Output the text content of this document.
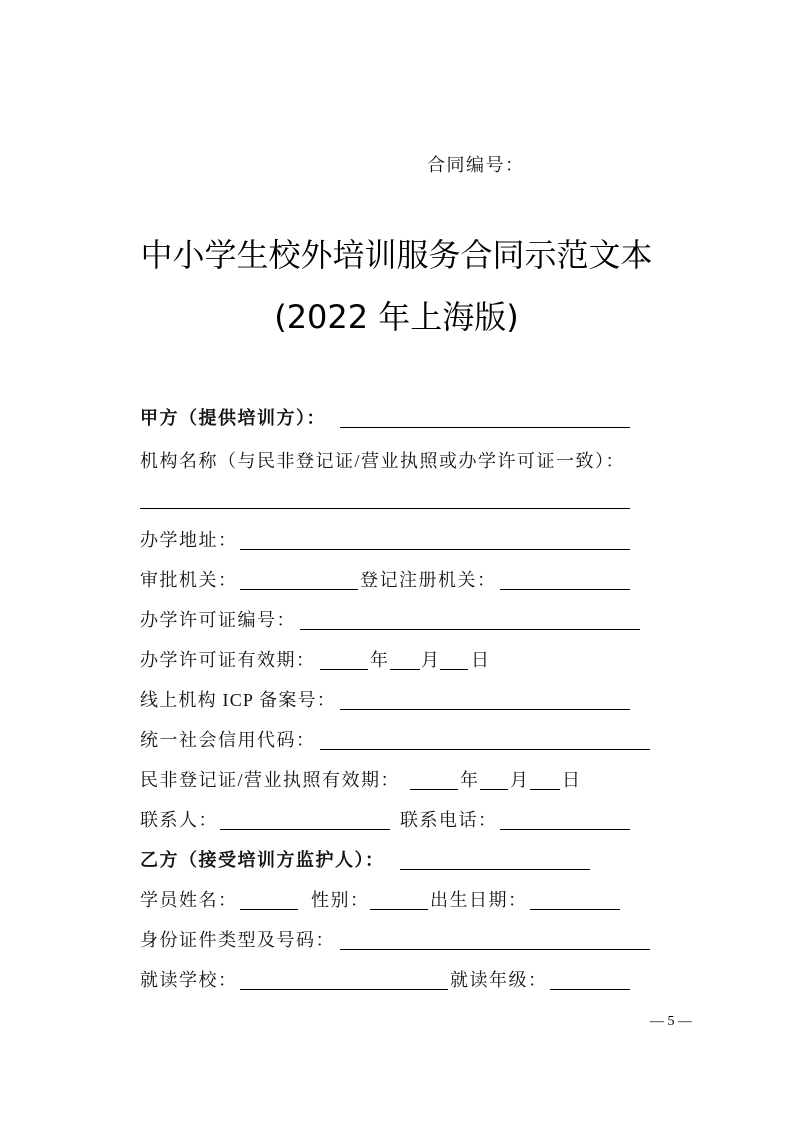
合同编号：
中小学生校外培训服务合同示范文本
(2022 年上海版)
甲方（提供培训方）：
机构名称（与民非登记证/营业执照或办学许可证一致）：
办学地址：
审批机关：	登记注册机关：
办学许可证编号：
办学许可证有效期：	年 月 日
线上机构 ICP 备案号：
统一社会信用代码：
民非登记证/营业执照有效期：	年 月 日
联系人：	联系电话：
乙方（接受培训方监护人）：
学员姓名：	性别：	出生日期：
身份证件类型及号码：
就读学校：	就读年级：
— 5 —
